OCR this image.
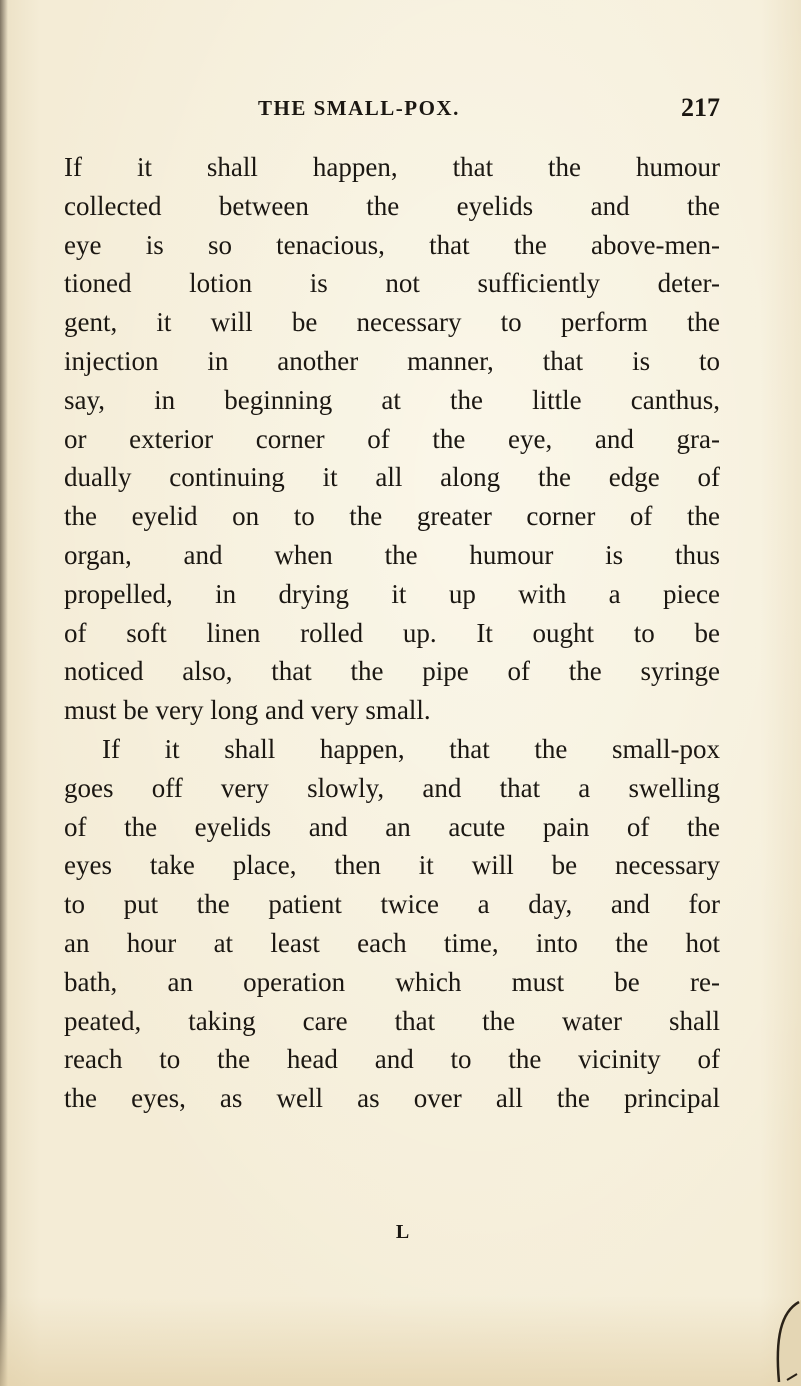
THE SMALL-POX.	217
If it shall happen, that the humour
collected between the eyelids and the
eye is so tenacious, that the above-men-
tioned lotion is not sufficiently deter-
gent, it will be necessary to perform the
injection in another manner, that is to
say, in beginning at the little canthus,
or exterior corner of the eye, and gra-
dually continuing it all along the edge of
the eyelid on to the greater corner of the
organ, and when the humour is thus
propelled, in drying it up with a piece
of soft linen rolled up. It ought to be
noticed also, that the pipe of the syringe
must be very long and very small.
If it shall happen, that the small-pox
goes off very slowly, and that a swelling
of the eyelids and an acute pain of the
eyes take place, then it will be necessary
to put the patient twice a day, and for
an hour at least each time, into the hot
bath, an operation which must be re-
peated, taking care that the water shall
reach to the head and to the vicinity of
the eyes, as well as over all the principal
L
